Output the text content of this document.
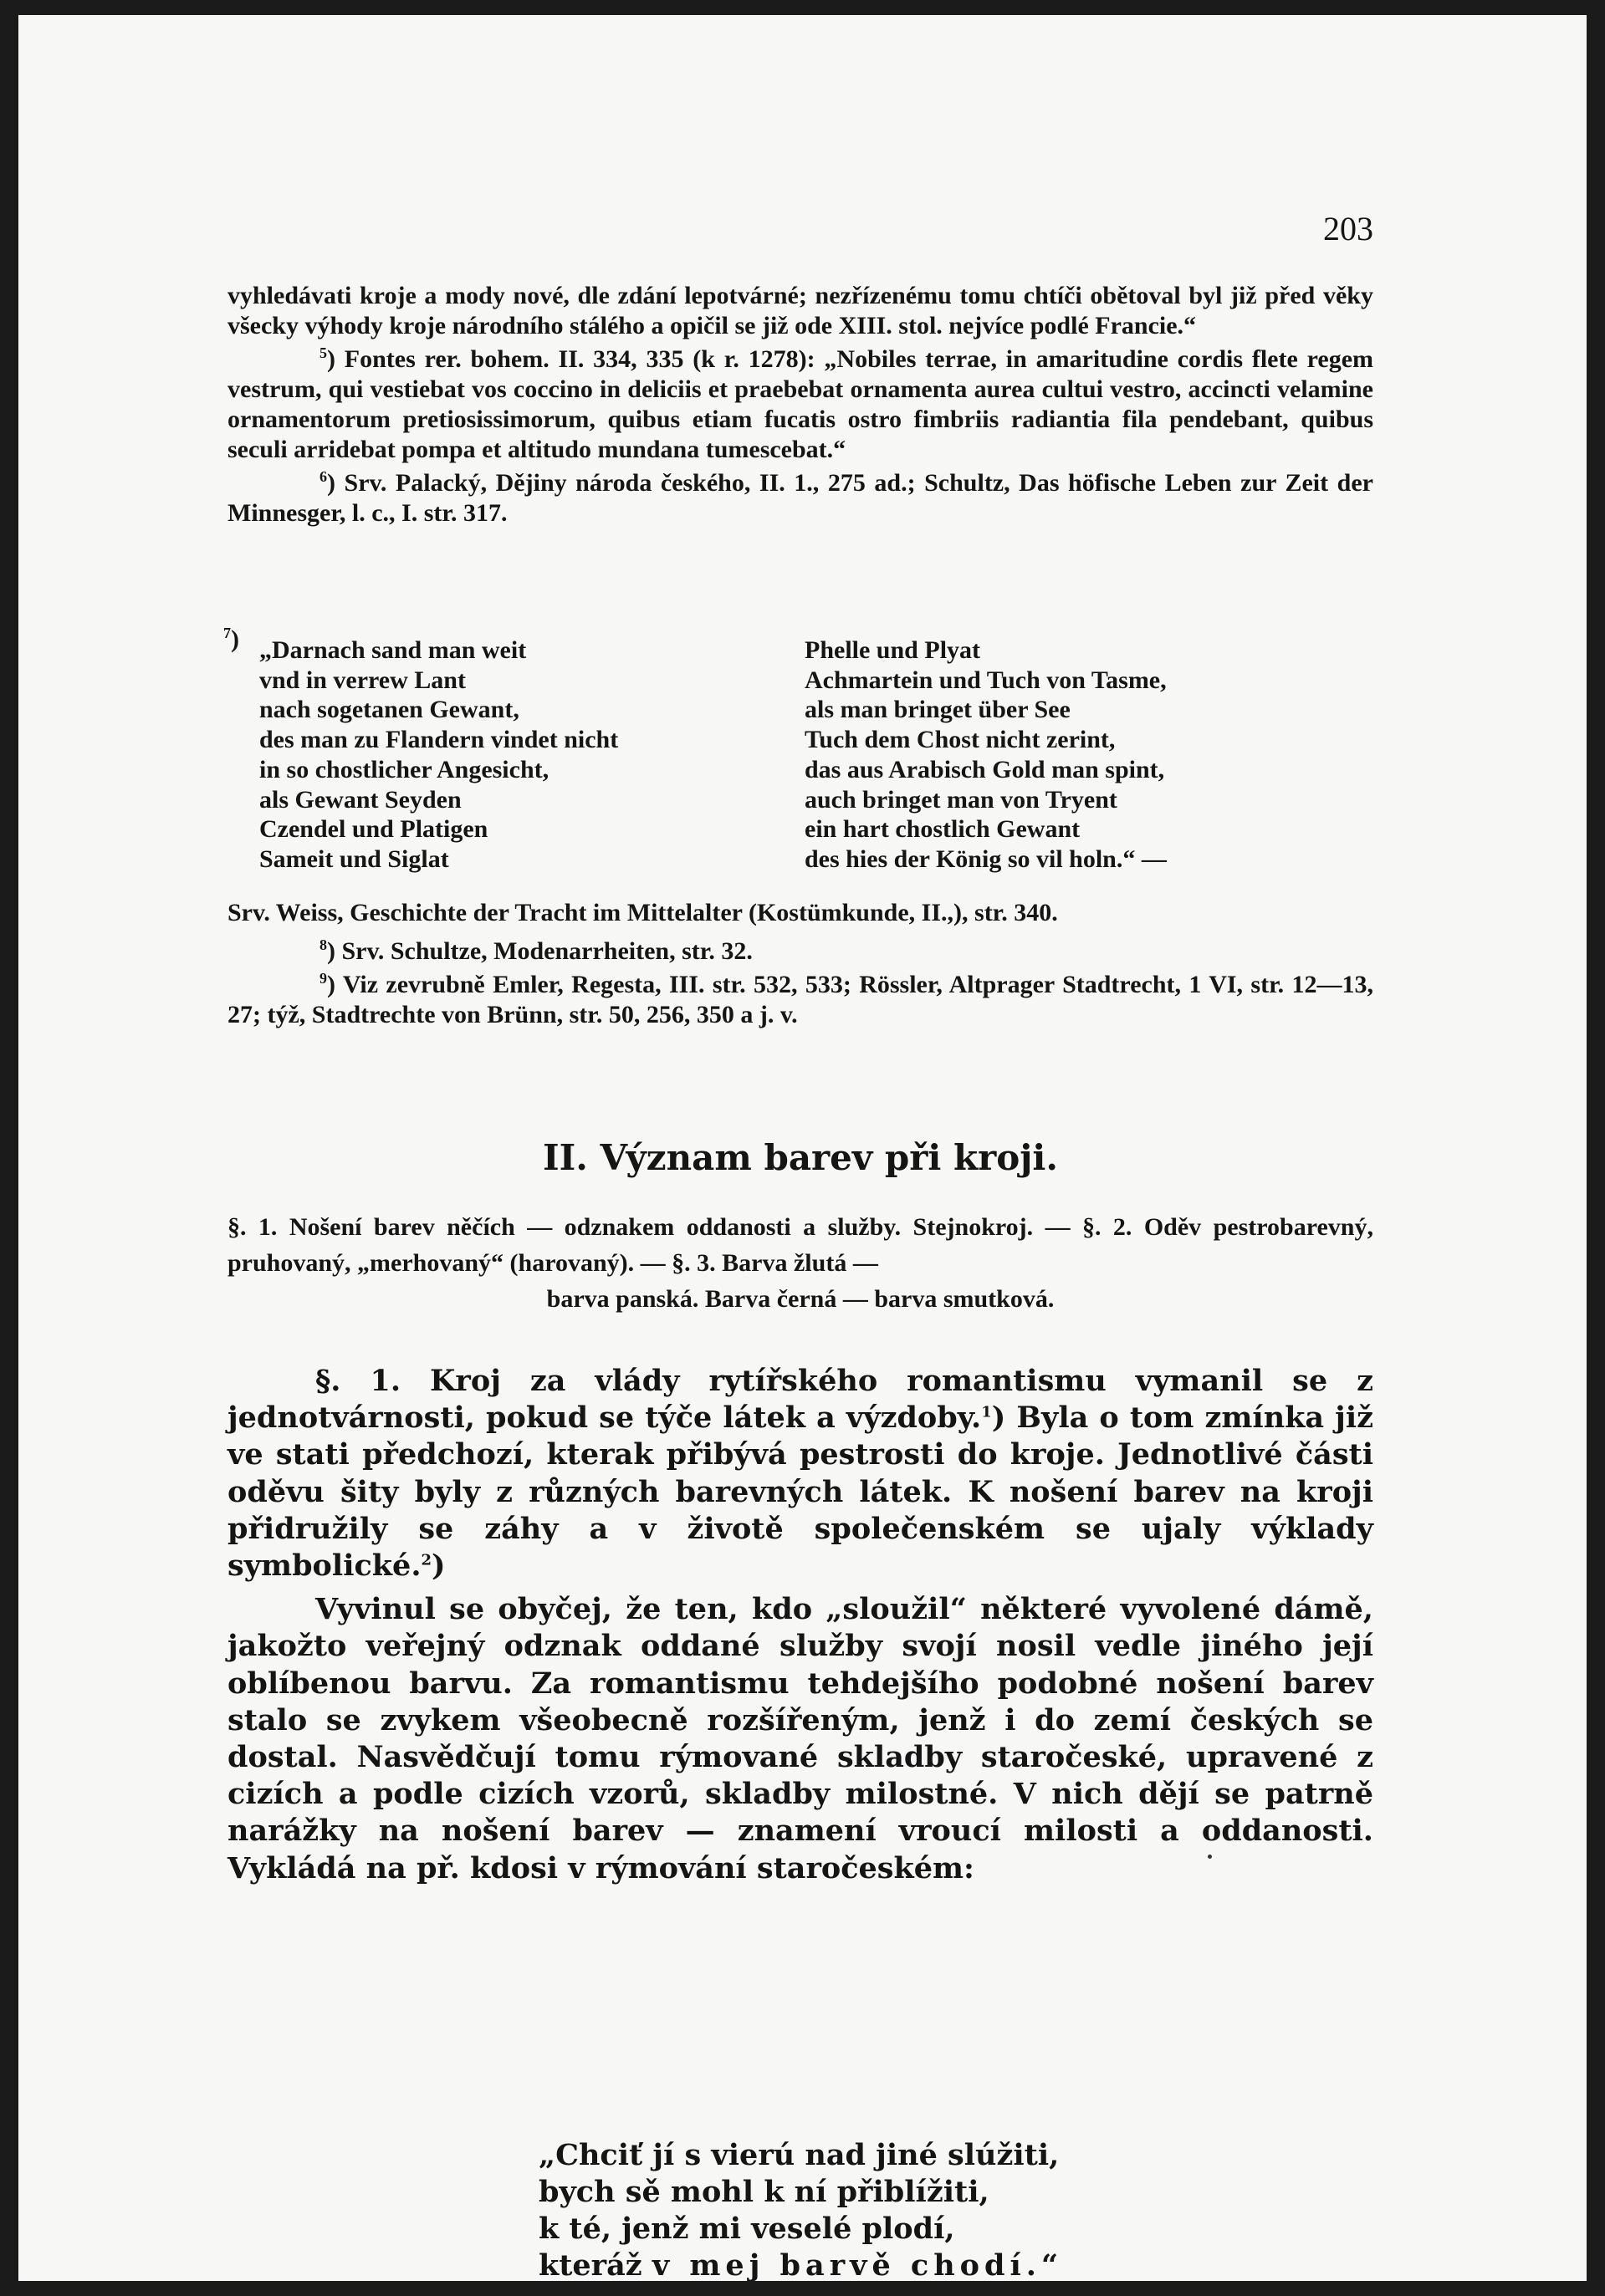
203

vyhledávati kroje a mody nové, dle zdání lepotvárné; nezřízenému tomu chtíči obětoval byl již před věky všecky výhody kroje národního stálého a opičil se již ode XIII. stol. nejvíce podlé Francie.“

$^5$) Fontes rer. bohem. II. 334, 335 (k r. 1278): „Nobiles terrae, in amaritudine cordis flete regem vestrum, qui vestiebat vos coccino in deliciis et praebebat ornamenta aurea cultui vestro, accincti velamine ornamentorum pretiosissimorum, quibus etiam fucatis ostro fimbriis radiantia fila pendebant, quibus seculi arridebat pompa et altitudo mundana tumescebat.“

$^6$) Srv. Palacký, Dějiny národa českého, II. 1., 275 ad.; Schultz, Das höfische Leben zur Zeit der Minnesger, l. c., I. str. 317.

$^7$) „Darnach sand man weit
vnd in verrew Lant
nach sogetanen Gewant,
des man zu Flandern vindet nicht
in so chostlicher Angesicht,
als Gewant Seyden
Czendel und Platigen
Sameit und Siglat
Phelle und Plyat
Achmartein und Tuch von Tasme,
als man bringet über See
Tuch dem Chost nicht zerint,
das aus Arabisch Gold man spint,
auch bringet man von Tryent
ein hart chostlich Gewant
des hies der König so vil holn.“ —
Srv. Weiss, Geschichte der Tracht im Mittelalter (Kostümkunde, II.,), str. 340.

$^8$) Srv. Schultze, Modenarrheiten, str. 32.

$^9$) Viz zevrubně Emler, Regesta, III. str. 532, 533; Rössler, Altprager Stadtrecht, 1 VI, str. 12—13, 27; týž, Stadtrechte von Brünn, str. 50, 256, 350 a j. v.

II. Význam barev při kroji.
§. 1. Nošení barev něčích — odznakem oddanosti a služby. Stejnokroj. — §. 2. Oděv pestrobarevný, pruhovaný, „merhovaný“ (harovaný). — §. 3. Barva žlutá —
barva panská. Barva černá — barva smutková.

§. 1. Kroj za vlády rytířského romantismu vymanil se z jednotvárnosti, pokud se týče látek a výzdoby.$^1$) Byla o tom zmínka již ve stati předchozí, kterak přibývá pestrosti do kroje. Jednotlivé části oděvu šity byly z různých barevných látek. K nošení barev na kroji přidružily se záhy a v životě společenském se ujaly výklady symbolické.$^2$)

Vyvinul se obyčej, že ten, kdo „sloužil“ některé vyvolené dámě, jakožto veřejný odznak oddané služby svojí nosil vedle jiného její oblíbenou barvu. Za romantismu tehdejšího podobné nošení barev stalo se zvykem všeobecně rozšířeným, jenž i do zemí českých se dostal. Nasvědčují tomu rýmované skladby staročeské, upravené z cizích a podle cizích vzorů, skladby milostné. V nich dějí se patrně narážky na nošení barev — znamení vroucí milosti a oddanosti. Vykládá na př. kdosi v rýmování staročeském:

„Chciť jí s vierú nad jiné slúžiti,
bych sě mohl k ní přiblížiti,
k té, jenž mi veselé plodí,
kteráž v mej barvě chodí.“
